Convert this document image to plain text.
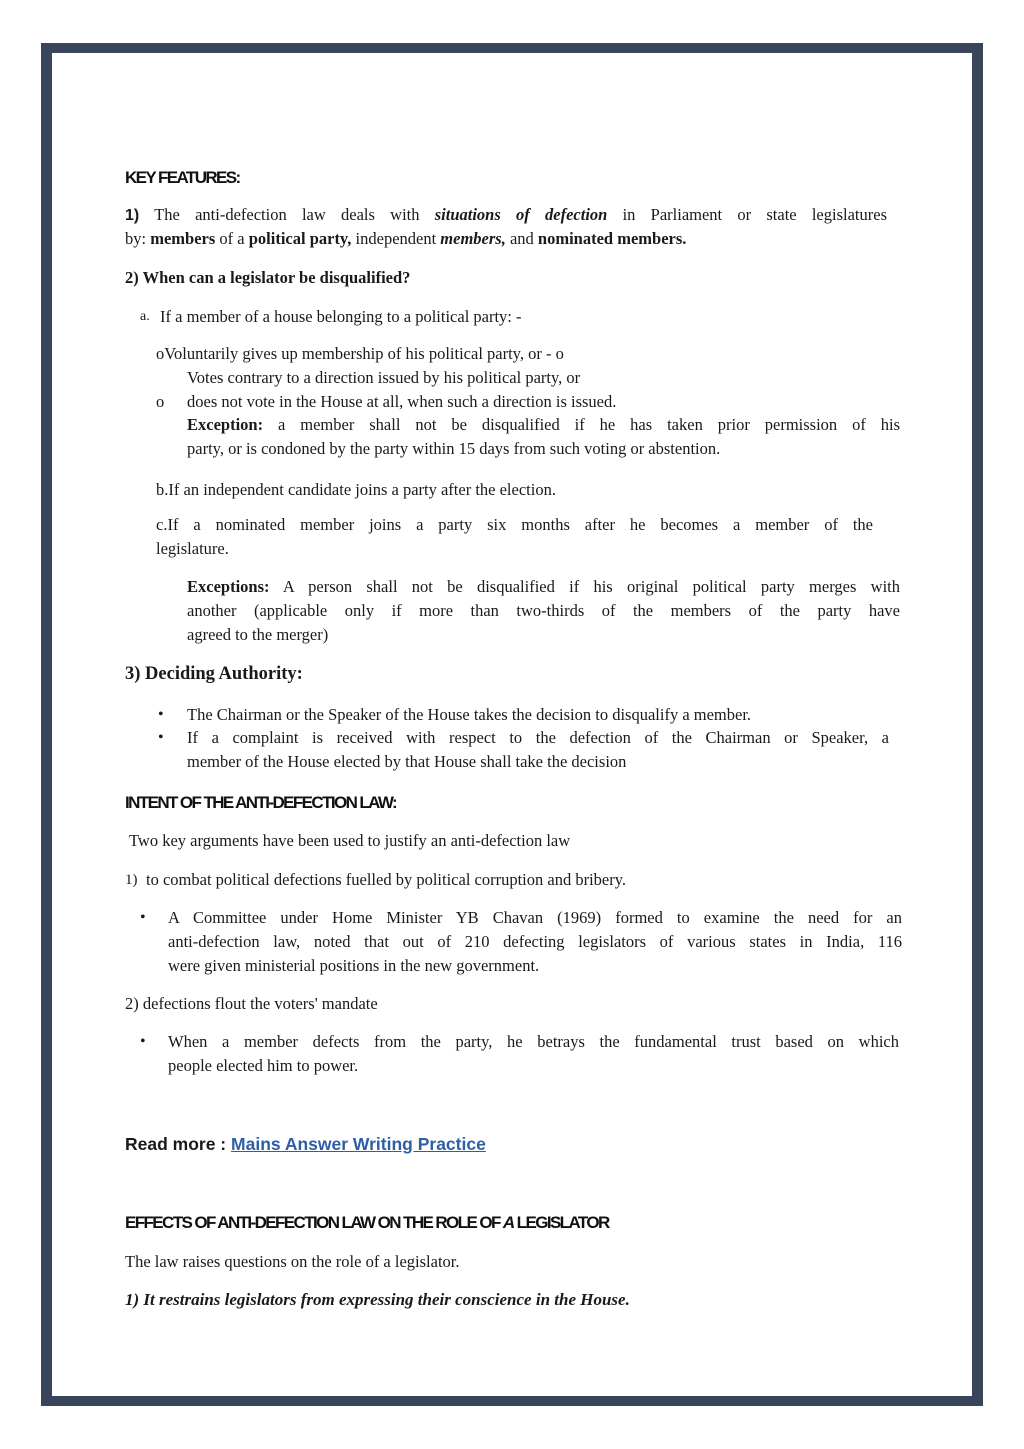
KEY FEATURES:
1) The anti-defection law deals with situations of defection in Parliament or state legislatures
by: members of a political party, independent members, and nominated members.
2) When can a legislator be disqualified?
a. If a member of a house belonging to a political party: -
oVoluntarily gives up membership of his political party, or - o
Votes contrary to a direction issued by his political party, or
o does not vote in the House at all, when such a direction is issued.
Exception: a member shall not be disqualified if he has taken prior permission of his
party, or is condoned by the party within 15 days from such voting or abstention.
b.If an independent candidate joins a party after the election.
c.If a nominated member joins a party six months after he becomes a member of the
legislature.
Exceptions: A person shall not be disqualified if his original political party merges with
another (applicable only if more than two-thirds of the members of the party have
agreed to the merger)
3) Deciding Authority:
• The Chairman or the Speaker of the House takes the decision to disqualify a member.
• If a complaint is received with respect to the defection of the Chairman or Speaker, a
member of the House elected by that House shall take the decision
INTENT OF THE ANTI-DEFECTION LAW:
Two key arguments have been used to justify an anti-defection law
1) to combat political defections fuelled by political corruption and bribery.
• A Committee under Home Minister YB Chavan (1969) formed to examine the need for an
anti-defection law, noted that out of 210 defecting legislators of various states in India, 116
were given ministerial positions in the new government.
2) defections flout the voters' mandate
• When a member defects from the party, he betrays the fundamental trust based on which
people elected him to power.
Read more : Mains Answer Writing Practice
EFFECTS OF ANTI-DEFECTION LAW ON THE ROLE OF A LEGISLATOR
The law raises questions on the role of a legislator.
1) It restrains legislators from expressing their conscience in the House.
